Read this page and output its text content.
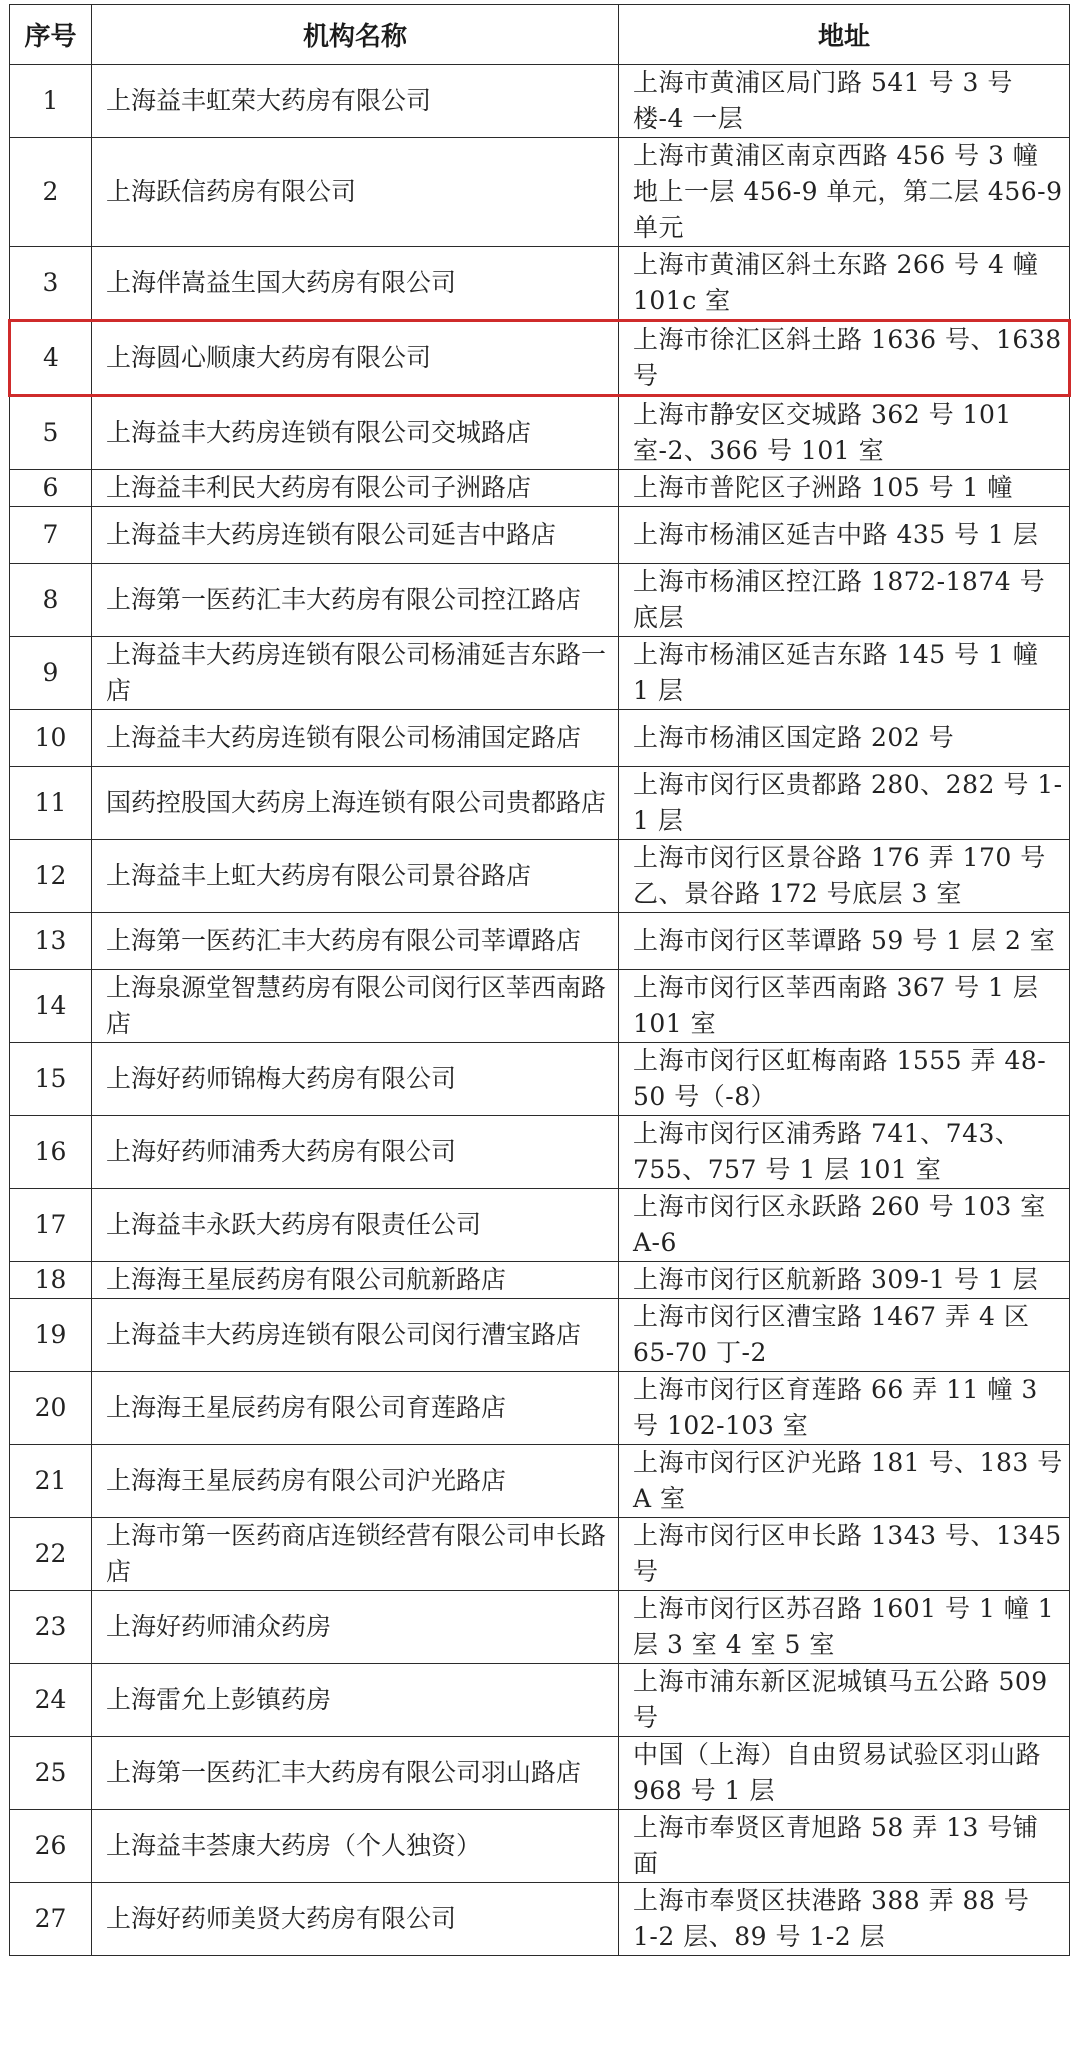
序号	机构名称	地址
1	上海益丰虹荣大药房有限公司	上海市黄浦区局门路 541 号 3 号楼-4 一层
2	上海跃信药房有限公司	上海市黄浦区南京西路 456 号 3 幢地上一层 456-9 单元，第二层 456-9 单元
3	上海伴嵩益生国大药房有限公司	上海市黄浦区斜土东路 266 号 4 幢 101c 室
4	上海圆心顺康大药房有限公司	上海市徐汇区斜土路 1636 号、1638 号
5	上海益丰大药房连锁有限公司交城路店	上海市静安区交城路 362 号 101 室-2、366 号 101 室
6	上海益丰利民大药房有限公司子洲路店	上海市普陀区子洲路 105 号 1 幢
7	上海益丰大药房连锁有限公司延吉中路店	上海市杨浦区延吉中路 435 号 1 层
8	上海第一医药汇丰大药房有限公司控江路店	上海市杨浦区控江路 1872-1874 号底层
9	上海益丰大药房连锁有限公司杨浦延吉东路一店	上海市杨浦区延吉东路 145 号 1 幢 1 层
10	上海益丰大药房连锁有限公司杨浦国定路店	上海市杨浦区国定路 202 号
11	国药控股国大药房上海连锁有限公司贵都路店	上海市闵行区贵都路 280、282 号 1-1 层
12	上海益丰上虹大药房有限公司景谷路店	上海市闵行区景谷路 176 弄 170 号乙、景谷路 172 号底层 3 室
13	上海第一医药汇丰大药房有限公司莘谭路店	上海市闵行区莘谭路 59 号 1 层 2 室
14	上海泉源堂智慧药房有限公司闵行区莘西南路店	上海市闵行区莘西南路 367 号 1 层 101 室
15	上海好药师锦梅大药房有限公司	上海市闵行区虹梅南路 1555 弄 48-50 号（-8）
16	上海好药师浦秀大药房有限公司	上海市闵行区浦秀路 741、743、755、757 号 1 层 101 室
17	上海益丰永跃大药房有限责任公司	上海市闵行区永跃路 260 号 103 室 A-6
18	上海海王星辰药房有限公司航新路店	上海市闵行区航新路 309-1 号 1 层
19	上海益丰大药房连锁有限公司闵行漕宝路店	上海市闵行区漕宝路 1467 弄 4 区 65-70 丁-2
20	上海海王星辰药房有限公司育莲路店	上海市闵行区育莲路 66 弄 11 幢 3 号 102-103 室
21	上海海王星辰药房有限公司沪光路店	上海市闵行区沪光路 181 号、183 号 A 室
22	上海市第一医药商店连锁经营有限公司申长路店	上海市闵行区申长路 1343 号、1345 号
23	上海好药师浦众药房	上海市闵行区苏召路 1601 号 1 幢 1 层 3 室 4 室 5 室
24	上海雷允上彭镇药房	上海市浦东新区泥城镇马五公路 509 号
25	上海第一医药汇丰大药房有限公司羽山路店	中国（上海）自由贸易试验区羽山路 968 号 1 层
26	上海益丰荟康大药房（个人独资）	上海市奉贤区青旭路 58 弄 13 号铺面
27	上海好药师美贤大药房有限公司	上海市奉贤区扶港路 388 弄 88 号 1-2 层、89 号 1-2 层
